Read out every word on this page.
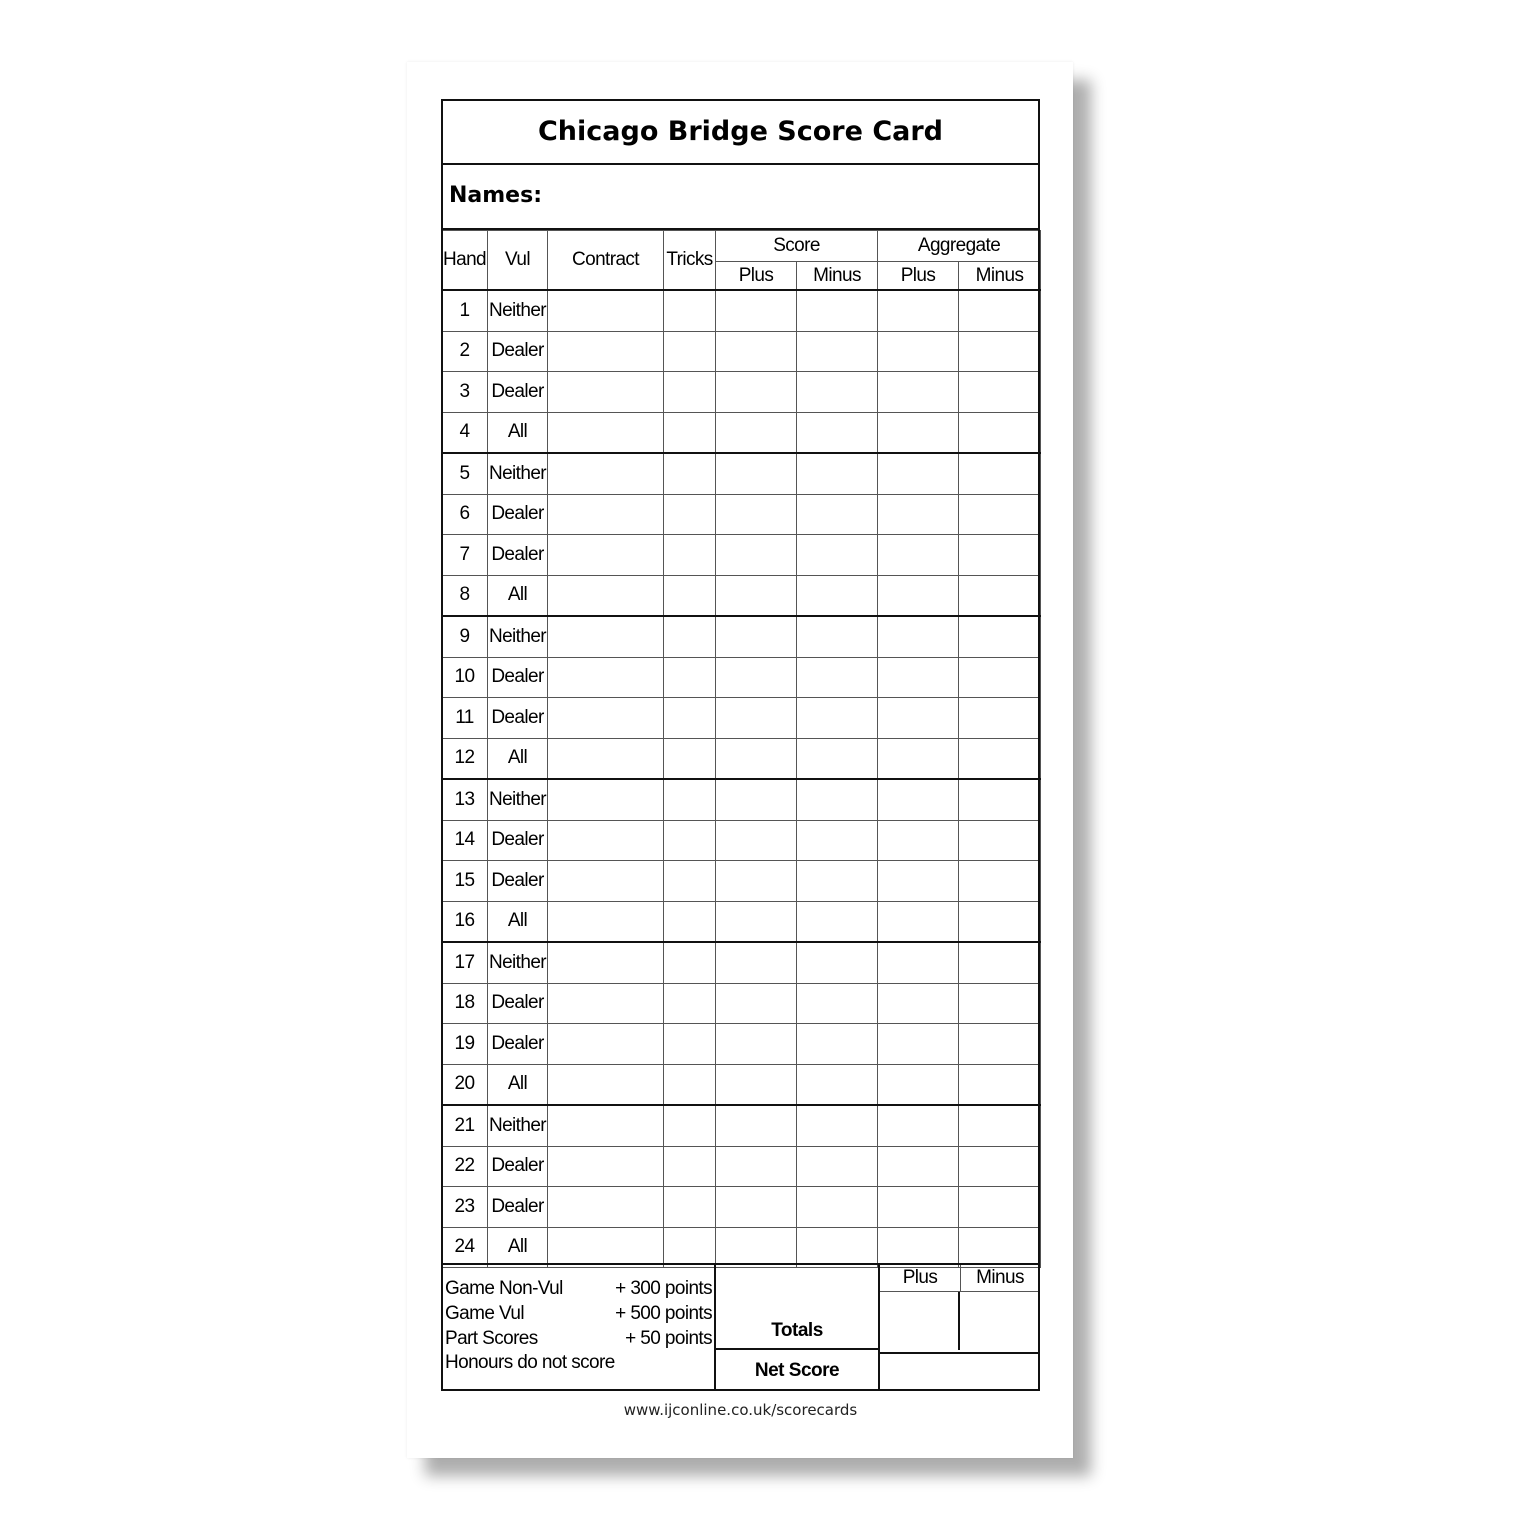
Chicago Bridge Score Card
Names:
Hand	Vul	Contract	Tricks	Score		Aggregate	
				Plus	Minus	Plus	Minus
1	Neither						
2	Dealer						
3	Dealer						
4	All						
5	Neither						
6	Dealer						
7	Dealer						
8	All						
9	Neither						
10	Dealer						
11	Dealer						
12	All						
13	Neither						
14	Dealer						
15	Dealer						
16	All						
17	Neither						
18	Dealer						
19	Dealer						
20	All						
21	Neither						
22	Dealer						
23	Dealer						
24	All						
Game Non-Vul	+ 300 points
Game Vul	+ 500 points
Part Scores	+ 50 points
Honours do not score
Totals
Net Score
Plus	Minus
www.ijconline.co.uk/scorecards
